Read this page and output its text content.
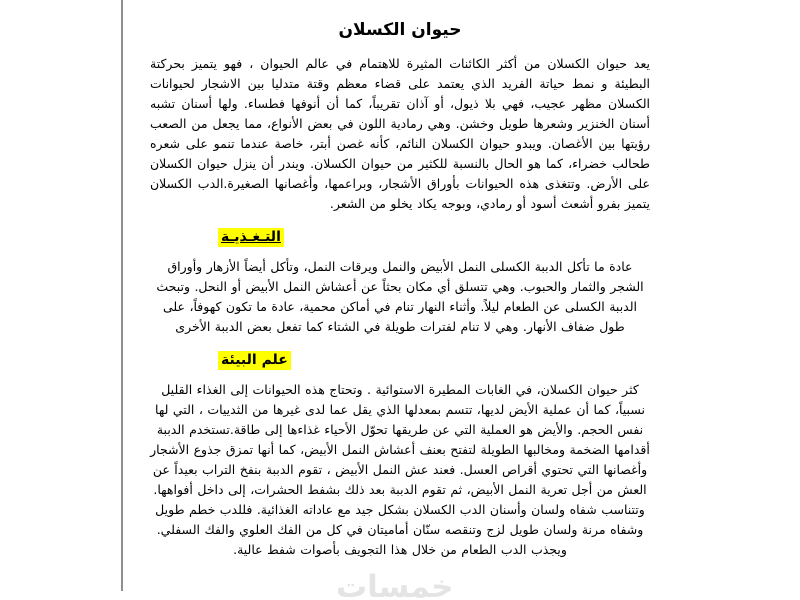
حيوان الكسلان

يعد حيوان الكسلان من أكثر الكائنات المثيرة للاهتمام في عالم الحيوان ، فهو يتميز بحركتة البطيئة و نمط حياتة الفريد الذي يعتمد على قضاء معظم وقتة متدليا بين الاشجار لحيوانات الكسلان مظهر عجيب، فهي بلا ذيول، أو آذان تقريباً، كما أن أنوفها فطساء. ولها أسنان تشبه أسنان الخنزير وشعرها طويل وخشن. وهي رمادية اللون في بعض الأنواع، مما يجعل من الصعب رؤيتها بين الأغصان. ويبدو حيوان الكسلان النائم، كأنه غصن أبتر، خاصة عندما تنمو على شعره طحالب خضراء، كما هو الحال بالنسبة للكثير من حيوان الكسلان. ويندر أن ينزل حيوان الكسلان على الأرض. وتتغذى هذه الحيوانات بأوراق الأشجار، وبراعمها، وأغصانها الصغيرة.الدب الكسلان يتميز بفرو أشعث أسود أو رمادي، وبوجه يكاد يخلو من الشعر.

التـغـذيـة

عادة ما تأكل الدببة الكسلى النمل الأبيض والنمل ويرقات النمل، وتأكل أيضاً الأزهار وأوراق الشجر والثمار والحبوب. وهي تتسلق أي مكان بحثاً عن أعشاش النمل الأبيض أو النحل. وتبحث الدببة الكسلى عن الطعام ليلاً. وأثناء النهار تنام في أماكن محمية، عادة ما تكون كهوفاً، على طول ضفاف الأنهار. وهي لا تنام لفترات طويلة في الشتاء كما تفعل بعض الدببة الأخرى

علم البيئة

كثر حيوان الكسلان، في الغابات المطيرة الاستوائية . وتحتاج هذه الحيوانات إلى الغذاء القليل نسبياً، كما أن عملية الأيض لديها، تتسم بمعدلها الذي يقل عما لدى غيرها من الثدييات ، التي لها نفس الحجم. والأيض هو العملية التي عن طريقها تحوّل الأحياء غذاءها إلى طاقة.تستخدم الدببة أقدامها الضخمة ومخالبها الطويلة لتفتح بعنف أعشاش النمل الأبيض، كما أنها تمزق جذوع الأشجار وأغصانها التي تحتوي أقراص العسل. فعند عش النمل الأبيض ، تقوم الدببة بنفخ التراب بعيداً عن العش من أجل تعرية النمل الأبيض، ثم تقوم الدببة بعد ذلك بشفط الحشرات، إلى داخل أفواهها. وتتناسب شفاه ولسان وأسنان الدب الكسلان بشكل جيد مع عاداته الغذائية. فللدب خطم طويل وشفاه مرنة ولسان طويل لزج وتنقصه سنّان أماميتان في كل من الفك العلوي والفك السفلي. ويجذب الدب الطعام من خلال هذا التجويف بأصوات شفط عالية.

خمسات
